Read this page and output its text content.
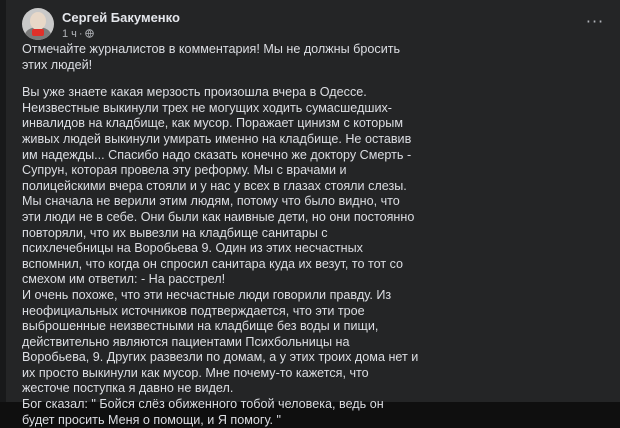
Сергей Бакуменко
1 ч ·
···
Отмечайте журналистов в комментария! Мы не должны бросить
этих людей!
Вы уже знаете какая мерзость произошла вчера в Одессе.
Неизвестные выкинули трех не могущих ходить сумасшедших-
инвалидов на кладбище, как мусор. Поражает цинизм с которым
живых людей выкинули умирать именно на кладбище. Не оставив
им надежды... Спасибо надо сказать конечно же доктору Смерть -
Супрун, которая провела эту реформу. Мы с врачами и
полицейскими вчера стояли и у нас у всех в глазах стояли слезы.
Мы сначала не верили этим людям, потому что было видно, что
эти люди не в себе. Они были как наивные дети, но они постоянно
повторяли, что их вывезли на кладбище санитары с
психлечебницы на Воробьева 9. Один из этих несчастных
вспомнил, что когда он спросил санитара куда их везут, то тот со
смехом им ответил: - На расстрел!
И очень похоже, что эти несчастные люди говорили правду. Из
неофициальных источников подтверждается, что эти трое
выброшенные неизвестными на кладбище без воды и пищи,
действительно являются пациентами Психбольницы на
Воробьева, 9. Других развезли по домам, а у этих троих дома нет и
их просто выкинули как мусор. Мне почему-то кажется, что
жесточе поступка я давно не видел.
Бог сказал: " Бойся слёз обиженного тобой человека, ведь он
будет просить Меня о помощи, и Я помогу. "
